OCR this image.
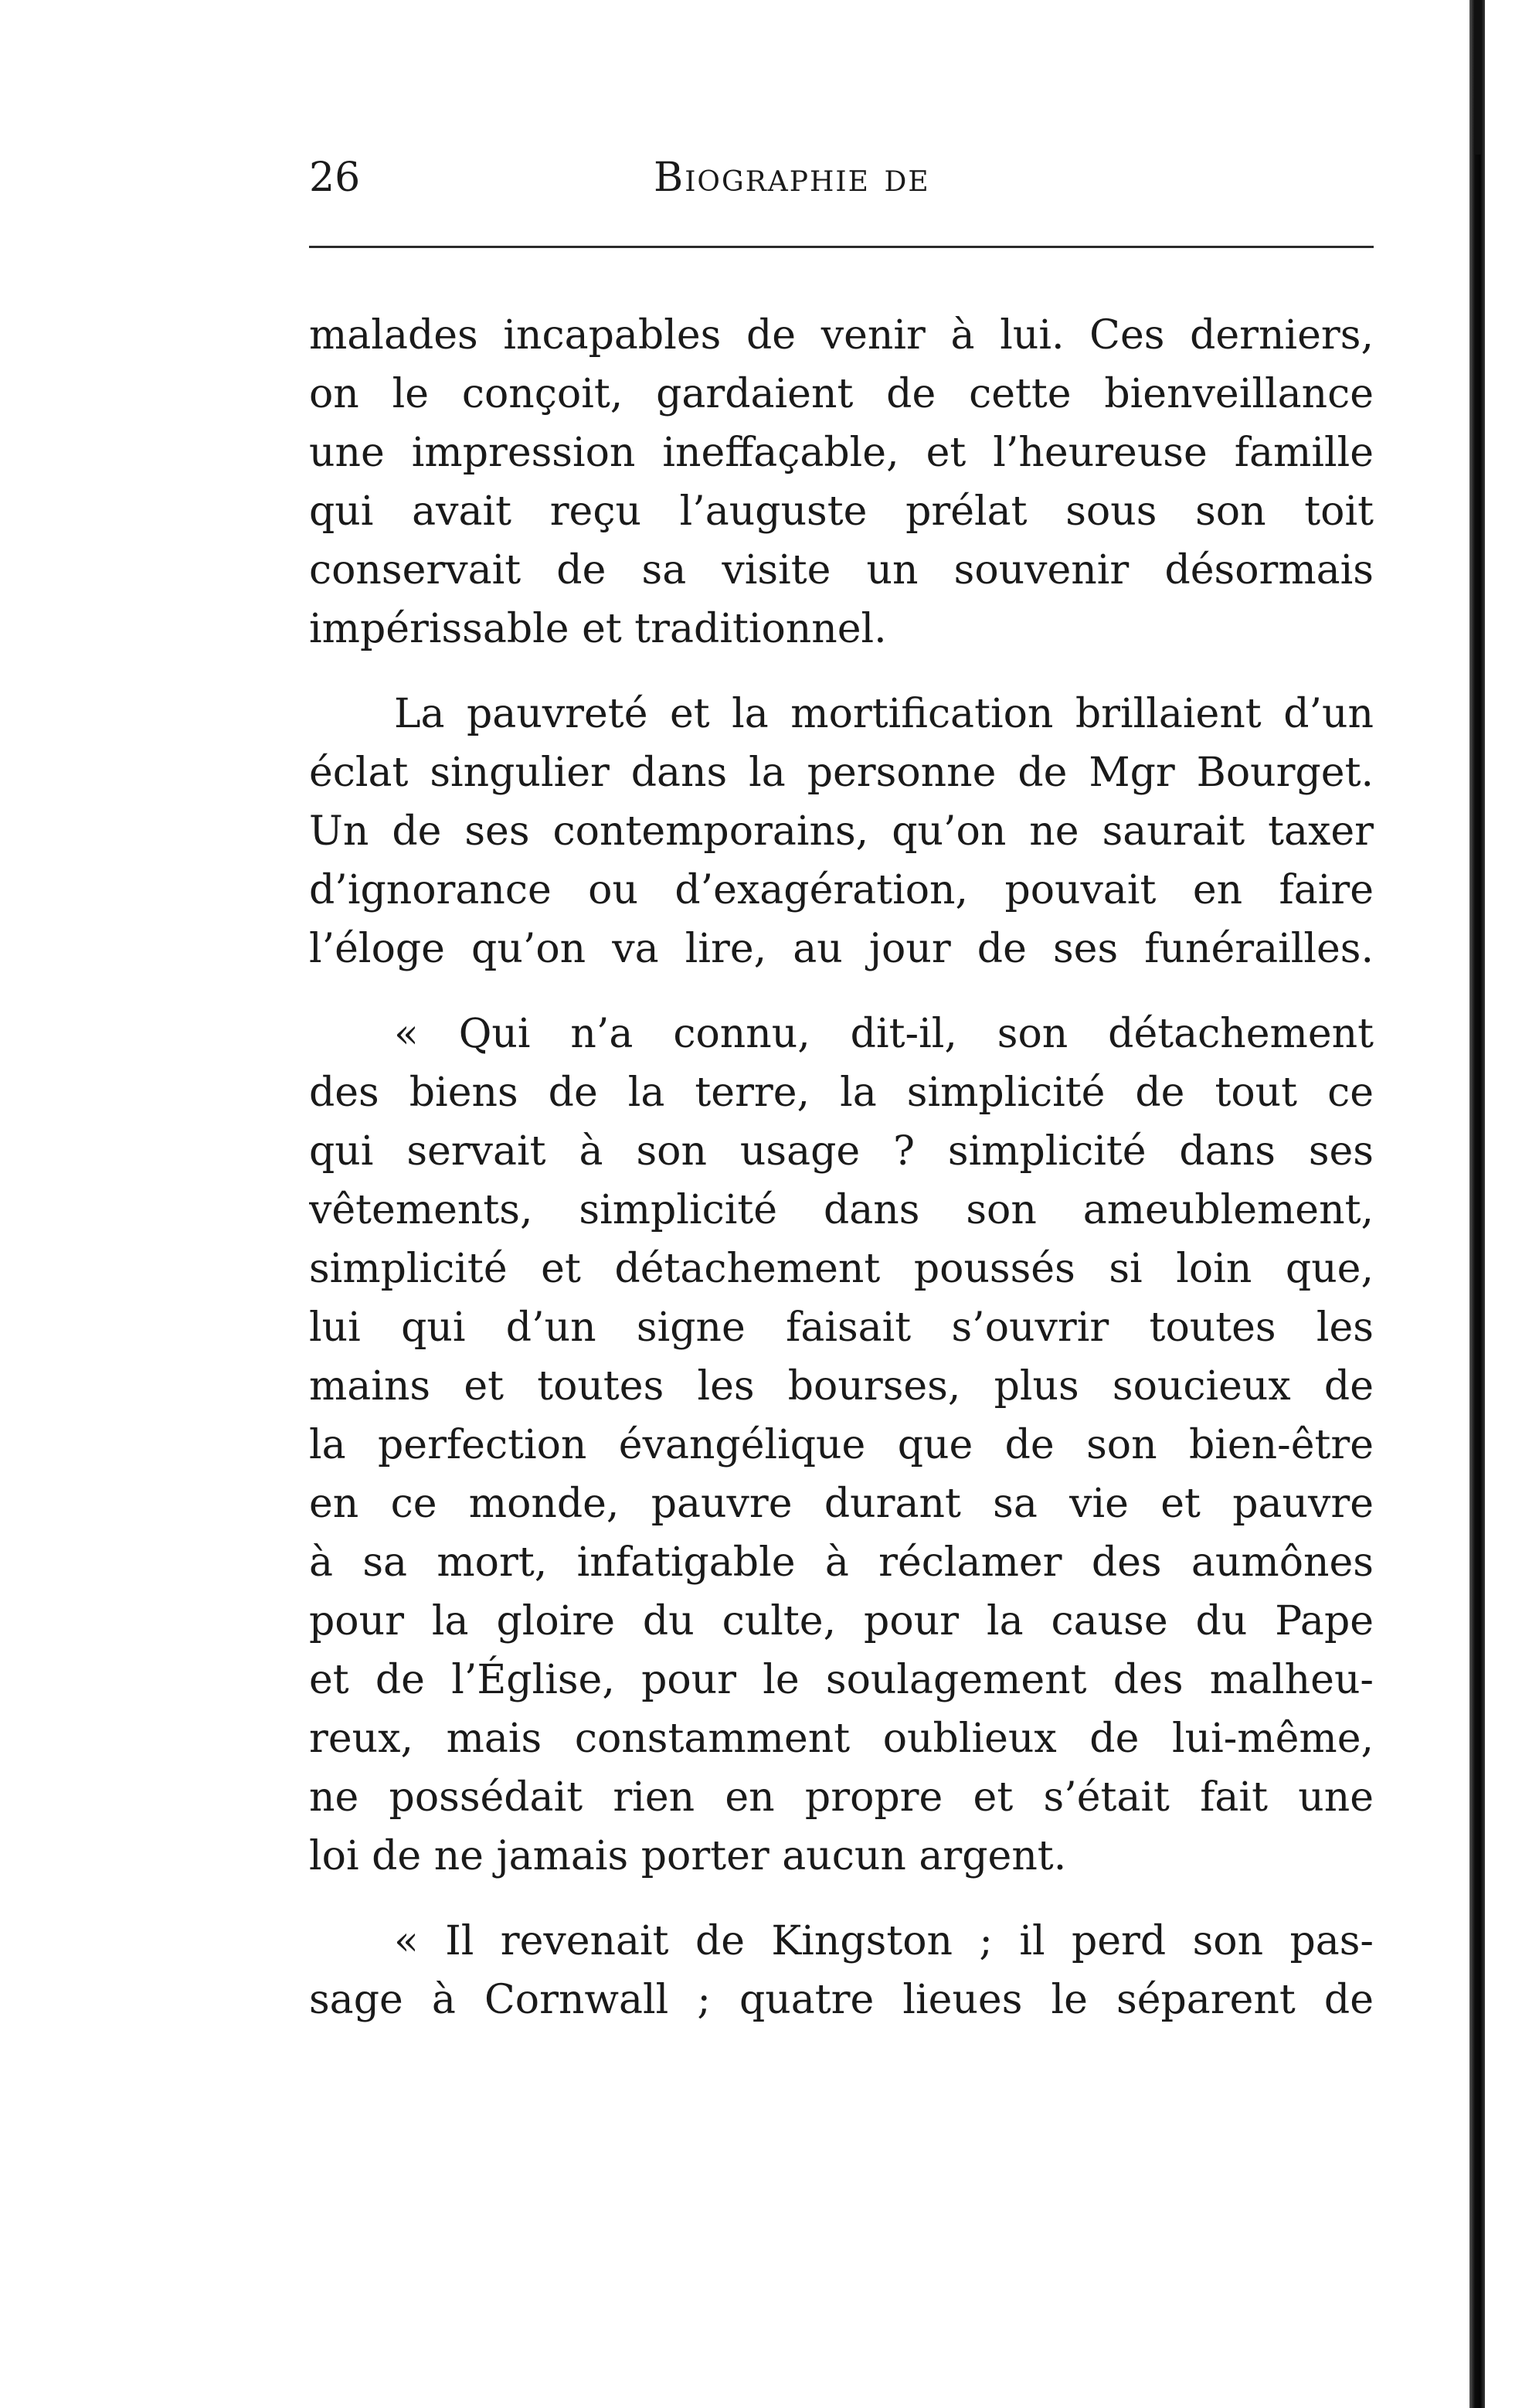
26	Biographie de
malades incapables de venir à lui. Ces derniers,
on le conçoit, gardaient de cette bienveillance
une impression ineffaçable, et l’heureuse famille
qui avait reçu l’auguste prélat sous son toit
conservait de sa visite un souvenir désormais
impérissable et traditionnel.
La pauvreté et la mortification brillaient d’un
éclat singulier dans la personne de Mgr Bourget.
Un de ses contemporains, qu’on ne saurait taxer
d’ignorance ou d’exagération, pouvait en faire
l’éloge qu’on va lire, au jour de ses funérailles.
« Qui n’a connu, dit-il, son détachement
des biens de la terre, la simplicité de tout ce
qui servait à son usage ? simplicité dans ses
vêtements, simplicité dans son ameublement,
simplicité et détachement poussés si loin que,
lui qui d’un signe faisait s’ouvrir toutes les
mains et toutes les bourses, plus soucieux de
la perfection évangélique que de son bien-être
en ce monde, pauvre durant sa vie et pauvre
à sa mort, infatigable à réclamer des aumônes
pour la gloire du culte, pour la cause du Pape
et de l’Église, pour le soulagement des malheu-
reux, mais constamment oublieux de lui-même,
ne possédait rien en propre et s’était fait une
loi de ne jamais porter aucun argent.
« Il revenait de Kingston ; il perd son pas-
sage à Cornwall ; quatre lieues le séparent de
